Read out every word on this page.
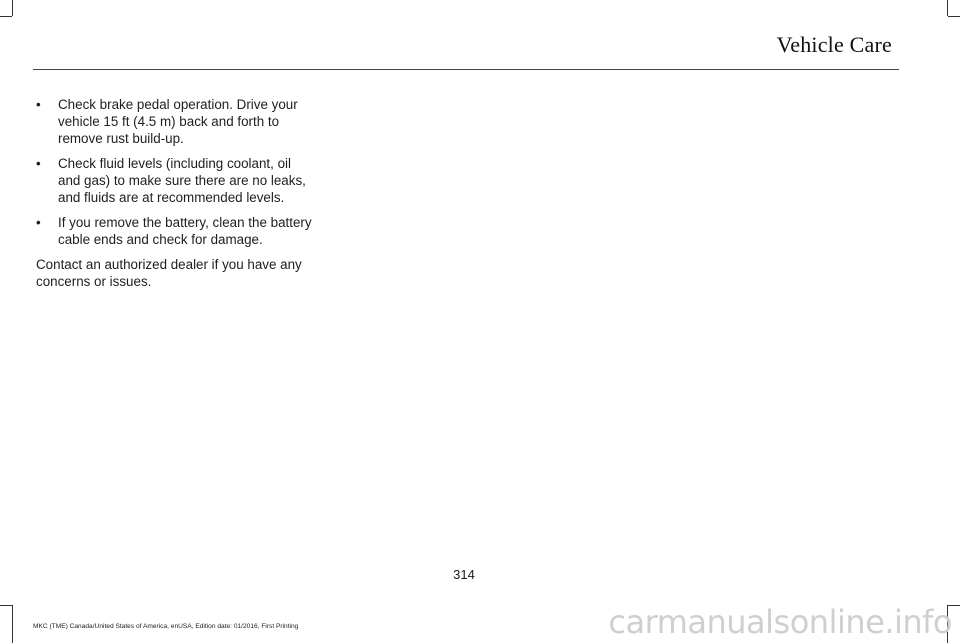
Vehicle Care
• Check brake pedal operation. Drive your vehicle 15 ft (4.5 m) back and forth to remove rust build-up.
• Check fluid levels (including coolant, oil and gas) to make sure there are no leaks, and fluids are at recommended levels.
• If you remove the battery, clean the battery cable ends and check for damage.

Contact an authorized dealer if you have any concerns or issues.

314
MKC (TME) Canada/United States of America, enUSA, Edition date: 01/2016, First Printing	carmanualsonline.info
